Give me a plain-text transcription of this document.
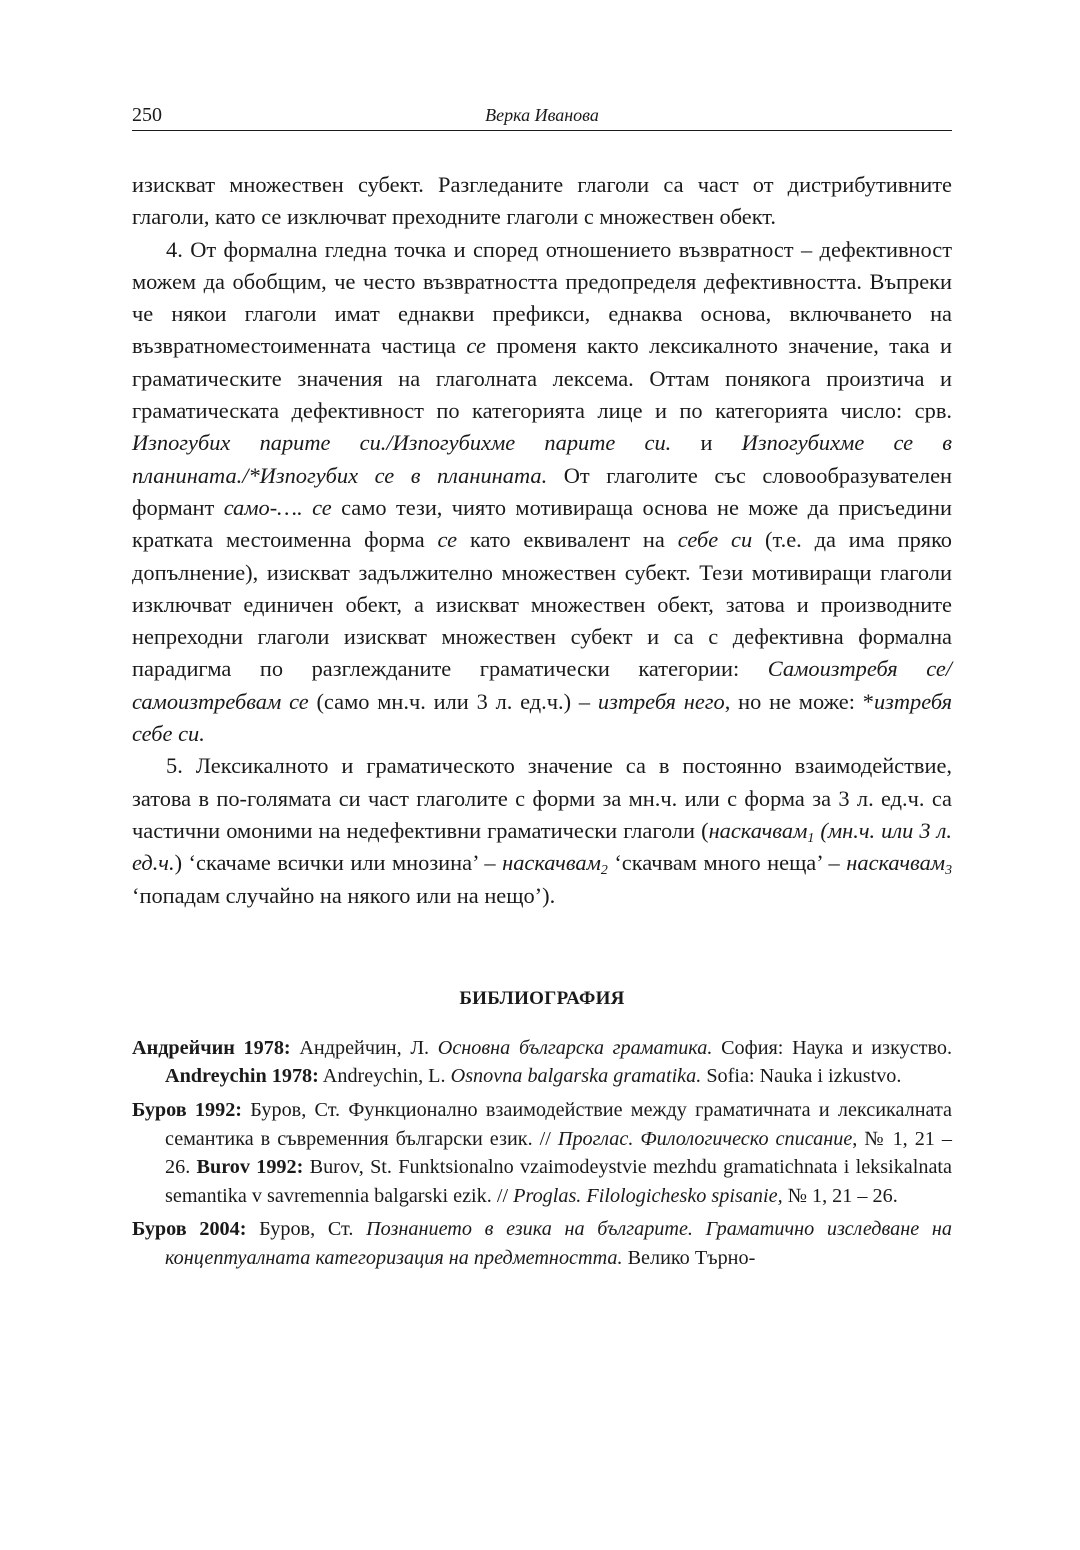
250	Верка Иванова

изискват множествен субект. Разгледаните глаголи са част от дистрибутивните глаголи, като се изключват преходните глаголи с множествен обект.

4. От формална гледна точка и според отношението възвратност – дефективност можем да обобщим, че често възвратността предопределя дефективността. Въпреки че някои глаголи имат еднакви префикси, еднаква основа, включването на възвратноместоименната частица се променя както лексикалното значение, така и граматическите значения на глаголната лексема. Оттам понякога произтича и граматическата дефективност по категорията лице и по категорията число: срв. Изпогубих парите си./Изпогубихме парите си. и Изпогубихме се в планината./*Изпогубих се в планината. От глаголите със словообразувателен формант само-…. се само тези, чиято мотивираща основа не може да присъедини кратката местоименна форма се като еквивалент на себе си (т.е. да има пряко допълнение), изискват задължително множествен субект. Тези мотивиращи глаголи изключват единичен обект, а изискват множествен обект, затова и производните непреходни глаголи изискват множествен субект и са с дефективна формална парадигма по разглежданите граматически категории: Самоизтребя се/самоизтребвам се (само мн.ч. или 3 л. ед.ч.) – изтребя него, но не може: *изтребя себе си.

5. Лексикалното и граматическото значение са в постоянно взаимодействие, затова в по-голямата си част глаголите с форми за мн.ч. или с форма за 3 л. ед.ч. са частични омоними на недефективни граматически глаголи (наскачвам$_1$ (мн.ч. или 3 л. ед.ч.) ‘скачаме всички или мнозина’ – наскачвам$_2$ ‘скачвам много неща’ – наскачвам$_3$ ‘попадам случайно на някого или на нещо’).

БИБЛИОГРАФИЯ
Андрейчин 1978: Андрейчин, Л. Основна българска граматика. София: Наука и изкуство. Andreychin 1978: Andreychin, L. Osnovna balgarska gramatika. Sofia: Nauka i izkustvo.
Буров 1992: Буров, Ст. Функционално взаимодействие между граматичната и лексикалната семантика в съвременния български език. // Проглас. Филологическо списание, № 1, 21 – 26. Burov 1992: Burov, St. Funktsionalno vzaimodeystvie mezhdu gramatichnata i leksikalnata semantika v savremennia balgarski ezik. // Proglas. Filologichesko spisanie, № 1, 21 – 26.
Буров 2004: Буров, Ст. Познанието в езика на българите. Граматично изследване на концептуалната категоризация на предметността. Велико Търно-
